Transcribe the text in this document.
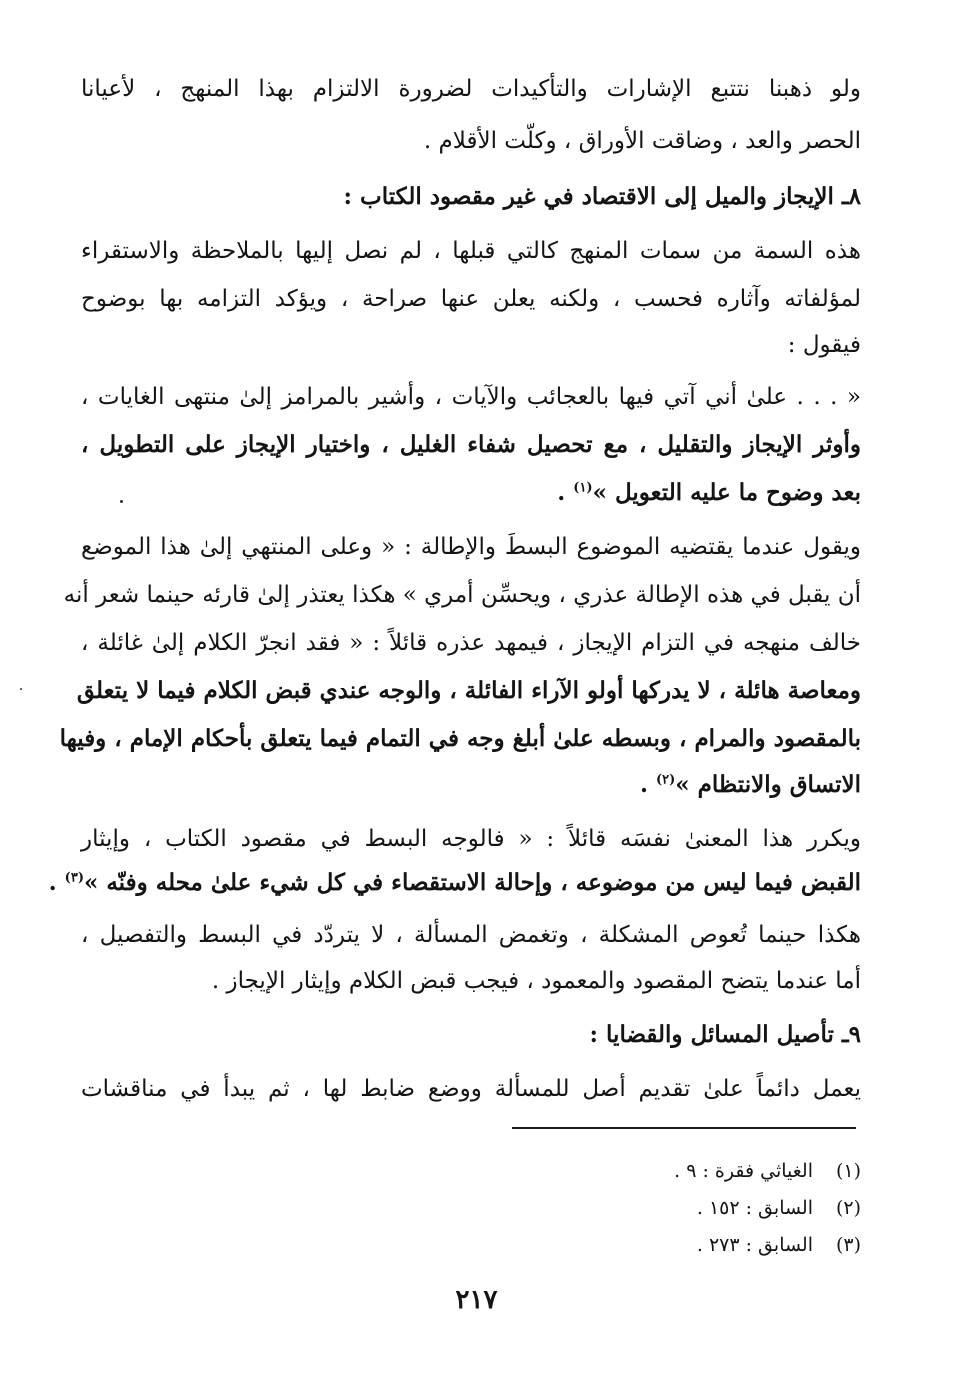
ولو ذهبنا نتتبع الإشارات والتأكيدات لضرورة الالتزام بهذا المنهج ، لأعيانا
الحصر والعد ، وضاقت الأوراق ، وكلّت الأقلام .
٨ـ الإيجاز والميل إلى الاقتصاد في غير مقصود الكتاب :
هذه السمة من سمات المنهج كالتي قبلها ، لم نصل إليها بالملاحظة والاستقراء
لمؤلفاته وآثاره فحسب ، ولكنه يعلن عنها صراحة ، ويؤكد التزامه بها بوضوح
فيقول :
« . . . علىٰ أني آتي فيها بالعجائب والآيات ، وأشير بالمرامز إلىٰ منتهى الغايات ،
وأوثر الإيجاز والتقليل ، مع تحصيل شفاء الغليل ، واختيار الإيجاز على التطويل ،
بعد وضوح ما عليه التعويل »$^{(١)}$ .
ويقول عندما يقتضيه الموضوع البسطَ والإطالة : « وعلى المنتهي إلىٰ هذا الموضع
أن يقبل في هذه الإطالة عذري ، ويحسِّن أمري » هكذا يعتذر إلىٰ قارئه حينما شعر أنه
خالف منهجه في التزام الإيجاز ، فيمهد عذره قائلاً : « فقد انجرّ الكلام إلىٰ غائلة ،
ومعاصة هائلة ، لا يدركها أولو الآراء الفائلة ، والوجه عندي قبض الكلام فيما لا يتعلق
بالمقصود والمرام ، وبسطه علىٰ أبلغ وجه في التمام فيما يتعلق بأحكام الإمام ، وفيها
الاتساق والانتظام »$^{(٢)}$ .
ويكرر هذا المعنىٰ نفسَه قائلاً : « فالوجه البسط في مقصود الكتاب ، وإيثار
القبض فيما ليس من موضوعه ، وإحالة الاستقصاء في كل شيء علىٰ محله وفنّه »$^{(٣)}$ .
هكذا حينما تُعوص المشكلة ، وتغمض المسألة ، لا يتردّد في البسط والتفصيل ،
أما عندما يتضح المقصود والمعمود ، فيجب قبض الكلام وإيثار الإيجاز .
٩ـ تأصيل المسائل والقضايا :
يعمل دائماً علىٰ تقديم أصل للمسألة ووضع ضابط لها ، ثم يبدأ في مناقشات
(١)الغياثي فقرة : ٩ .
(٢)السابق : ١٥٢ .
(٣)السابق : ٢٧٣ .
٢١٧
